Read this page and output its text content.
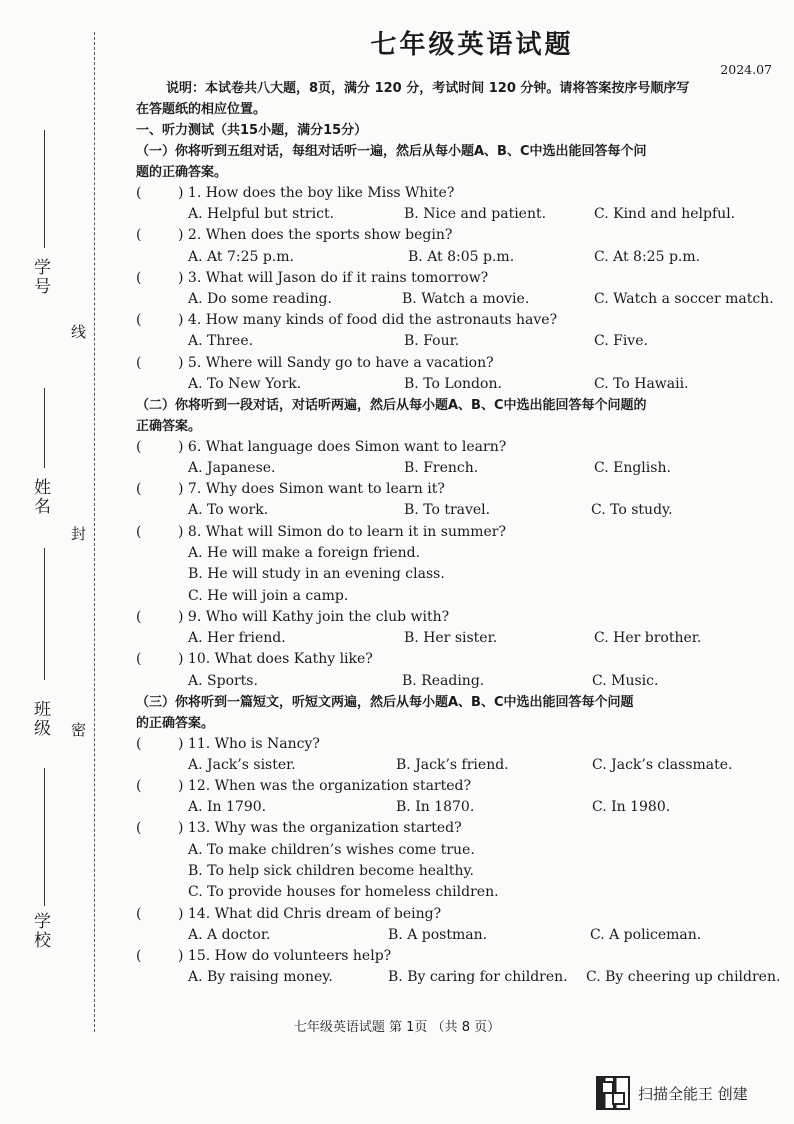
学号
姓名
班级
学校
线
封
密
七年级英语试题
2024.07
说明：本试卷共八大题，8页，满分 120 分，考试时间 120 分钟。请将答案按序号顺序写
在答题纸的相应位置。
一、听力测试（共15小题，满分15分）
（一）你将听到五组对话，每组对话听一遍，然后从每小题A、B、C中选出能回答每个问
题的正确答案。
(	) 1. How does the boy like Miss White?
A. Helpful but strict.	B. Nice and patient.	C. Kind and helpful.
(	) 2. When does the sports show begin?
A. At 7:25 p.m.	B. At 8:05 p.m.	C. At 8:25 p.m.
(	) 3. What will Jason do if it rains tomorrow?
A. Do some reading.	B. Watch a movie.	C. Watch a soccer match.
(	) 4. How many kinds of food did the astronauts have?
A. Three.	B. Four.	C. Five.
(	) 5. Where will Sandy go to have a vacation?
A. To New York.	B. To London.	C. To Hawaii.
（二）你将听到一段对话，对话听两遍，然后从每小题A、B、C中选出能回答每个问题的
正确答案。
(	) 6. What language does Simon want to learn?
A. Japanese.	B. French.	C. English.
(	) 7. Why does Simon want to learn it?
A. To work.	B. To travel.	C. To study.
(	) 8. What will Simon do to learn it in summer?
A. He will make a foreign friend.
B. He will study in an evening class.
C. He will join a camp.
(	) 9. Who will Kathy join the club with?
A. Her friend.	B. Her sister.	C. Her brother.
(	) 10. What does Kathy like?
A. Sports.	B. Reading.	C. Music.
（三）你将听到一篇短文，听短文两遍，然后从每小题A、B、C中选出能回答每个问题
的正确答案。
(	) 11. Who is Nancy?
A. Jack’s sister.	B. Jack’s friend.	C. Jack’s classmate.
(	) 12. When was the organization started?
A. In 1790.	B. In 1870.	C. In 1980.
(	) 13. Why was the organization started?
A. To make children’s wishes come true.
B. To help sick children become healthy.
C. To provide houses for homeless children.
(	) 14. What did Chris dream of being?
A. A doctor.	B. A postman.	C. A policeman.
(	) 15. How do volunteers help?
A. By raising money.	B. By caring for children. C. By cheering up children.
七年级英语试题 第 1页 （共 8 页）
扫描全能王 创建
